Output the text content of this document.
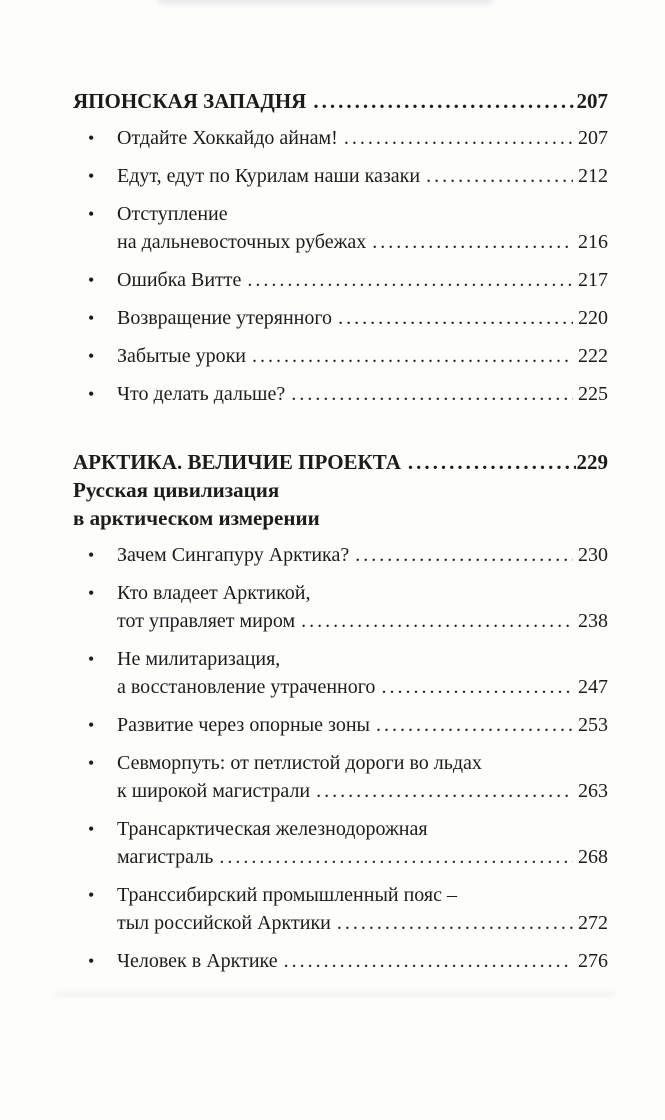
ЯПОНСКАЯ ЗАПАДНЯ .....	207
•	Отдайте Хоккайдо айнам! .....	207
•	Едут, едут по Курилам наши казаки .....	212
•	Отступление
на дальневосточных рубежах .....	216
•	Ошибка Витте .....	217
•	Возвращение утерянного .....	220
•	Забытые уроки .....	222
•	Что делать дальше? .....	225
АРКТИКА. ВЕЛИЧИЕ ПРОЕКТА .....	229
Русская цивилизация
в арктическом измерении
•	Зачем Сингапуру Арктика? .....	230
•	Кто владеет Арктикой,
тот управляет миром .....	238
•	Не милитаризация,
а восстановление утраченного .....	247
•	Развитие через опорные зоны .....	253
•	Севморпуть: от петлистой дороги во льдах
к широкой магистрали .....	263
•	Трансарктическая железнодорожная
магистраль .....	268
•	Транссибирский промышленный пояс –
тыл российской Арктики .....	272
•	Человек в Арктике .....	276
